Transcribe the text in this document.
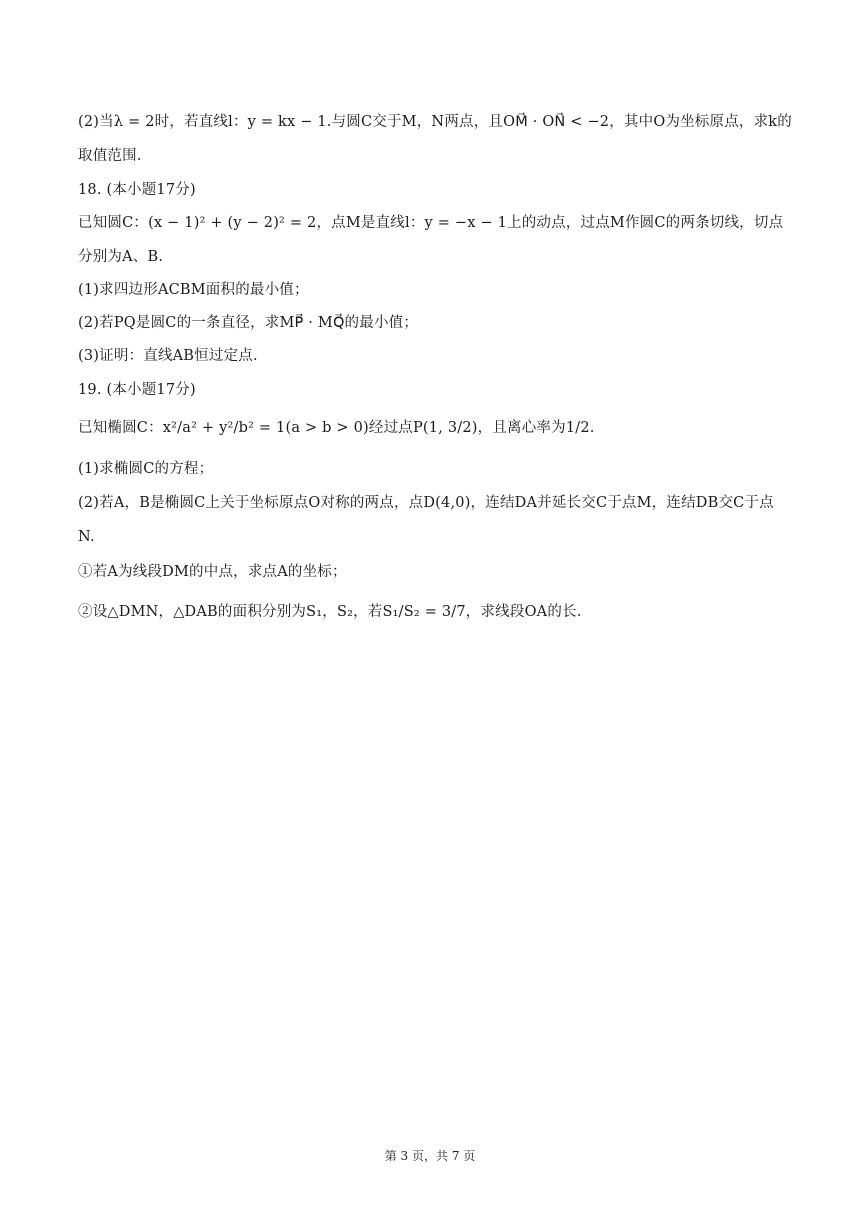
(2)当λ = 2时，若直线l：y = kx − 1.与圆C交于M，N两点，且OM⃗ · ON⃗ < −2，其中O为坐标原点，求k的
取值范围.
18. (本小题17分)
已知圆C：(x − 1)² + (y − 2)² = 2，点M是直线l：y = −x − 1上的动点，过点M作圆C的两条切线，切点
分别为A、B.
(1)求四边形ACBM面积的最小值；
(2)若PQ是圆C的一条直径，求MP⃗ · MQ⃗的最小值；
(3)证明：直线AB恒过定点.
19. (本小题17分)
已知椭圆C：x²/a² + y²/b² = 1(a > b > 0)经过点P(1, 3/2)，且离心率为1/2.
(1)求椭圆C的方程；
(2)若A，B是椭圆C上关于坐标原点O对称的两点，点D(4,0)，连结DA并延长交C于点M，连结DB交C于点
N.
①若A为线段DM的中点，求点A的坐标；
②设△DMN，△DAB的面积分别为S₁，S₂，若S₁/S₂ = 3/7，求线段OA的长.
第 3 页，共 7 页
